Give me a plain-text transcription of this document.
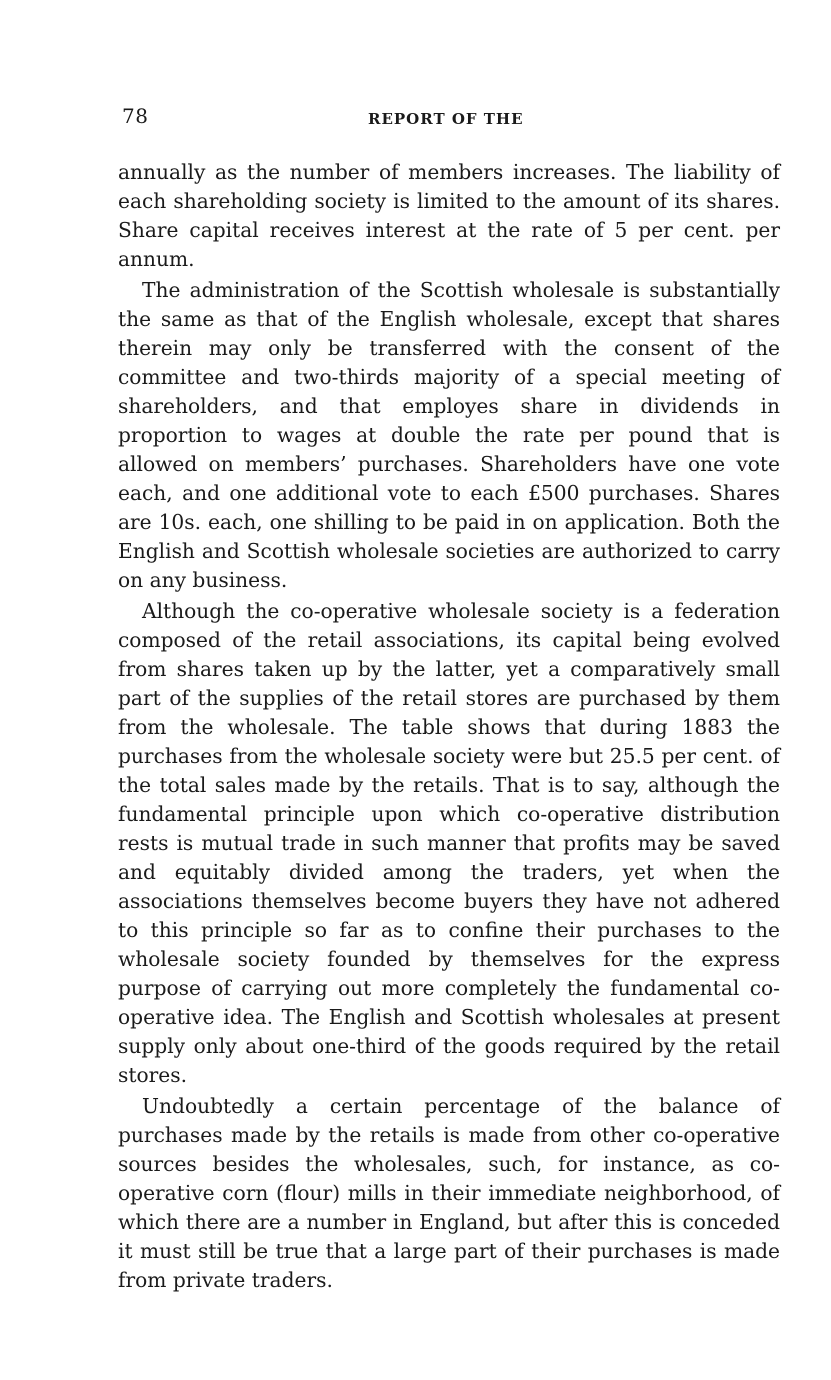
78	REPORT OF THE

annually as the number of members increases. The liability of each shareholding society is limited to the amount of its shares. Share capital receives interest at the rate of 5 per cent. per annum.

The administration of the Scottish wholesale is substantially the same as that of the English wholesale, except that shares therein may only be transferred with the consent of the committee and two-thirds majority of a special meeting of shareholders, and that employes share in dividends in proportion to wages at double the rate per pound that is allowed on members’ purchases. Shareholders have one vote each, and one additional vote to each £500 purchases. Shares are 10s. each, one shilling to be paid in on application. Both the English and Scottish wholesale societies are authorized to carry on any business.

Although the co-operative wholesale society is a federation composed of the retail associations, its capital being evolved from shares taken up by the latter, yet a comparatively small part of the supplies of the retail stores are purchased by them from the wholesale. The table shows that during 1883 the purchases from the wholesale society were but 25.5 per cent. of the total sales made by the retails. That is to say, although the fundamental principle upon which co-operative distribution rests is mutual trade in such manner that profits may be saved and equitably divided among the traders, yet when the associations themselves become buyers they have not adhered to this principle so far as to confine their purchases to the wholesale society founded by themselves for the express purpose of carrying out more completely the fundamental co-operative idea. The English and Scottish wholesales at present supply only about one-third of the goods required by the retail stores.

Undoubtedly a certain percentage of the balance of purchases made by the retails is made from other co-operative sources besides the wholesales, such, for instance, as co-operative corn (flour) mills in their immediate neighborhood, of which there are a number in England, but after this is conceded it must still be true that a large part of their purchases is made from private traders.
